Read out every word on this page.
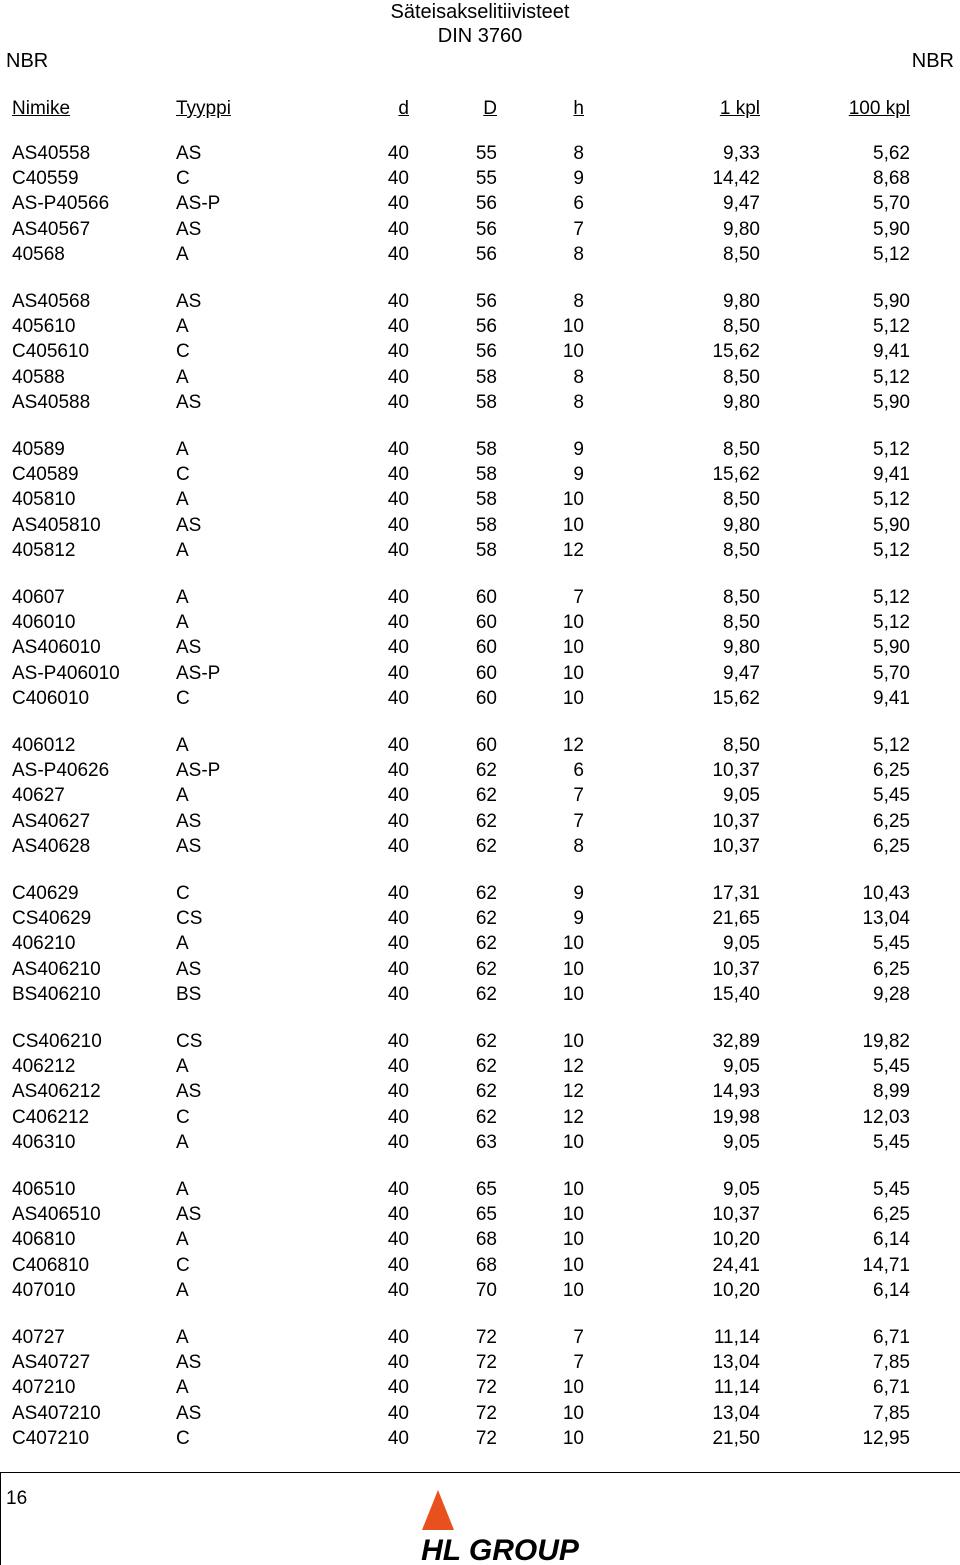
Säteisakselitiivisteet
DIN 3760
NBR	NBR
Nimike	Tyyppi	d	D	h	1 kpl	100 kpl
AS40558	AS	40	55	8	9,33	5,62
C40559	C	40	55	9	14,42	8,68
AS-P40566	AS-P	40	56	6	9,47	5,70
AS40567	AS	40	56	7	9,80	5,90
40568	A	40	56	8	8,50	5,12
AS40568	AS	40	56	8	9,80	5,90
405610	A	40	56	10	8,50	5,12
C405610	C	40	56	10	15,62	9,41
40588	A	40	58	8	8,50	5,12
AS40588	AS	40	58	8	9,80	5,90
40589	A	40	58	9	8,50	5,12
C40589	C	40	58	9	15,62	9,41
405810	A	40	58	10	8,50	5,12
AS405810	AS	40	58	10	9,80	5,90
405812	A	40	58	12	8,50	5,12
40607	A	40	60	7	8,50	5,12
406010	A	40	60	10	8,50	5,12
AS406010	AS	40	60	10	9,80	5,90
AS-P406010	AS-P	40	60	10	9,47	5,70
C406010	C	40	60	10	15,62	9,41
406012	A	40	60	12	8,50	5,12
AS-P40626	AS-P	40	62	6	10,37	6,25
40627	A	40	62	7	9,05	5,45
AS40627	AS	40	62	7	10,37	6,25
AS40628	AS	40	62	8	10,37	6,25
C40629	C	40	62	9	17,31	10,43
CS40629	CS	40	62	9	21,65	13,04
406210	A	40	62	10	9,05	5,45
AS406210	AS	40	62	10	10,37	6,25
BS406210	BS	40	62	10	15,40	9,28
CS406210	CS	40	62	10	32,89	19,82
406212	A	40	62	12	9,05	5,45
AS406212	AS	40	62	12	14,93	8,99
C406212	C	40	62	12	19,98	12,03
406310	A	40	63	10	9,05	5,45
406510	A	40	65	10	9,05	5,45
AS406510	AS	40	65	10	10,37	6,25
406810	A	40	68	10	10,20	6,14
C406810	C	40	68	10	24,41	14,71
407010	A	40	70	10	10,20	6,14
40727	A	40	72	7	11,14	6,71
AS40727	AS	40	72	7	13,04	7,85
407210	A	40	72	10	11,14	6,71
AS407210	AS	40	72	10	13,04	7,85
C407210	C	40	72	10	21,50	12,95
16
HL GROUP
